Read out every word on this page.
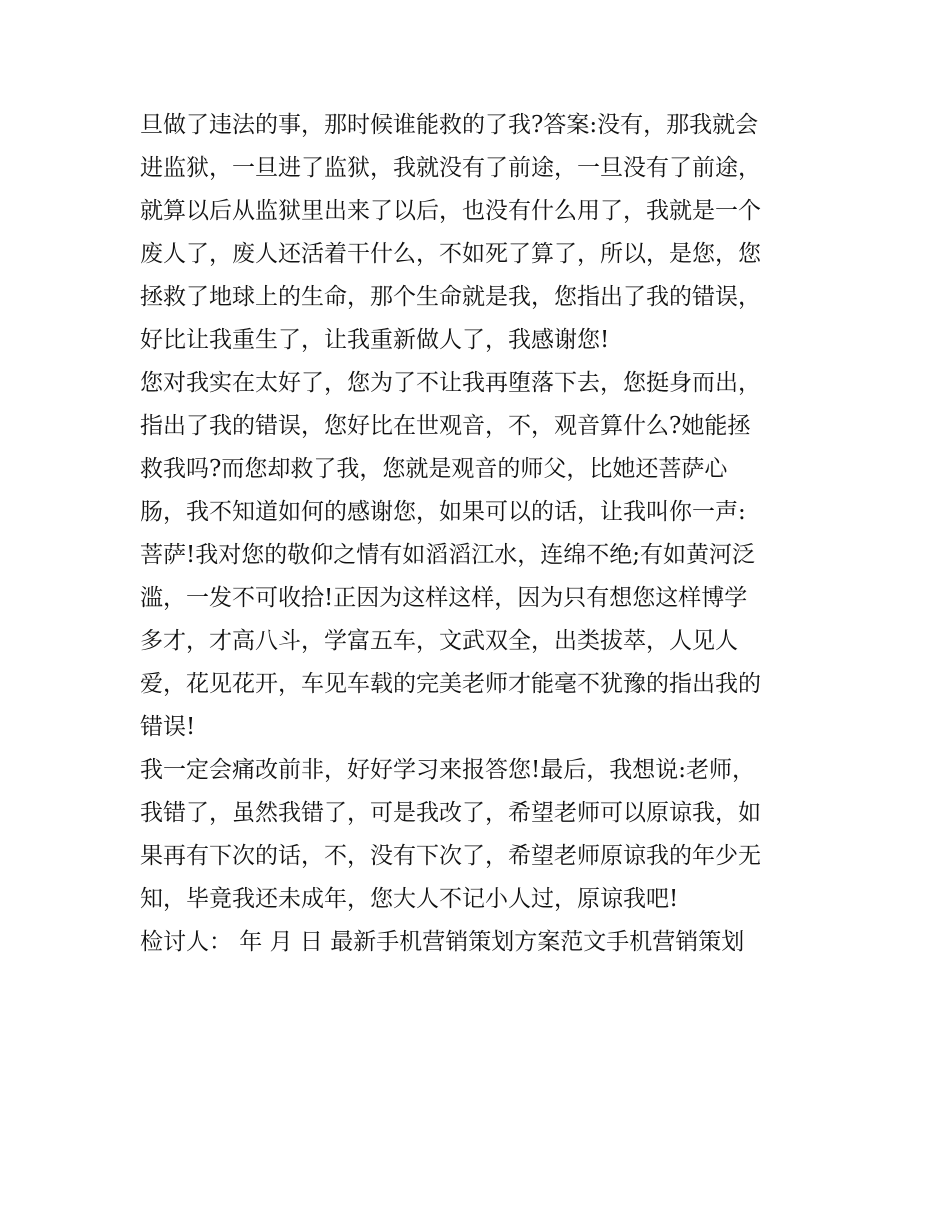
旦做了违法的事，那时候谁能救的了我?答案:没有，那我就会
进监狱，一旦进了监狱，我就没有了前途，一旦没有了前途，
就算以后从监狱里出来了以后，也没有什么用了，我就是一个
废人了，废人还活着干什么，不如死了算了，所以，是您，您
拯救了地球上的生命，那个生命就是我，您指出了我的错误，
好比让我重生了，让我重新做人了，我感谢您!
您对我实在太好了，您为了不让我再堕落下去，您挺身而出，
指出了我的错误，您好比在世观音，不，观音算什么?她能拯
救我吗?而您却救了我，您就是观音的师父，比她还菩萨心
肠，我不知道如何的感谢您，如果可以的话，让我叫你一声:
菩萨!我对您的敬仰之情有如滔滔江水，连绵不绝;有如黄河泛
滥，一发不可收拾!正因为这样这样，因为只有想您这样博学
多才，才高八斗，学富五车，文武双全，出类拔萃，人见人
爱，花见花开，车见车载的完美老师才能毫不犹豫的指出我的
错误!
我一定会痛改前非，好好学习来报答您!最后，我想说:老师，
我错了，虽然我错了，可是我改了，希望老师可以原谅我，如
果再有下次的话，不，没有下次了，希望老师原谅我的年少无
知，毕竟我还未成年，您大人不记小人过，原谅我吧!
检讨人： 年 月 日 最新手机营销策划方案范文手机营销策划
